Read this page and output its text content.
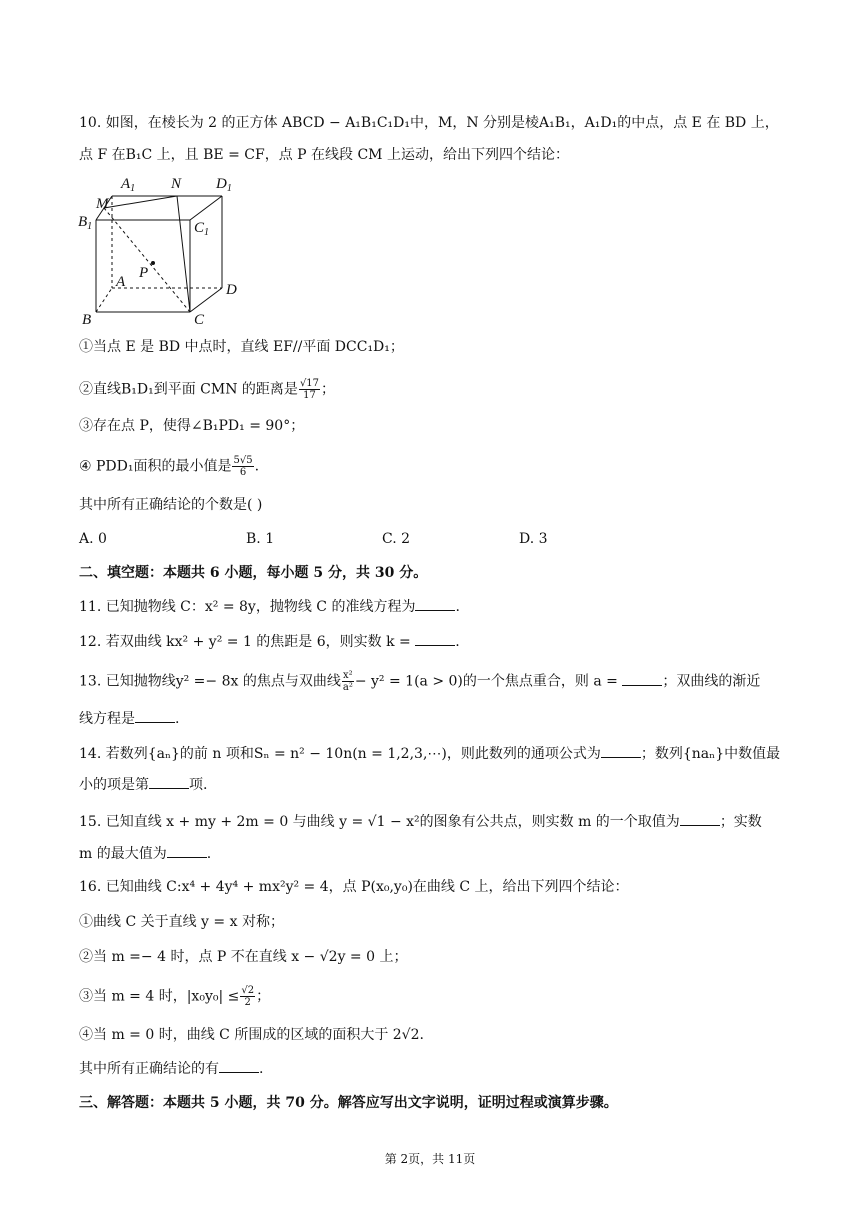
10. 如图，在棱长为 2 的正方体 ABCD − A₁B₁C₁D₁中，M，N 分别是棱A₁B₁，A₁D₁的中点，点 E 在 BD 上，
点 F 在B₁C 上，且 BE = CF，点 P 在线段 CM 上运动，给出下列四个结论：
$A_1$ N $D_1$
M
$B_1$	$C_1$
A
P
D
B	C
①当点 E 是 BD 中点时，直线 EF//平面 DCC₁D₁；
②直线B₁D₁到平面 CMN 的距离是 $\frac{√17}{17}$ ；
③存在点 P，使得∠B₁PD₁ = 90°；
④ PDD₁面积的最小值是 $\frac{5√5}{6}$ .
其中所有正确结论的个数是( )
A. 0	B. 1	C. 2	D. 3
二、填空题：本题共 6 小题，每小题 5 分，共 30 分。
11. 已知抛物线 C：x² = 8y，抛物线 C 的准线方程为	.
12. 若双曲线 kx² + y² = 1 的焦距是 6，则实数 k =	.
13. 已知抛物线y² =− 8x 的焦点与双曲线 $\frac{\text{x²}}{\text{a²}} - y^2 = 1(a > 0)$的一个焦点重合，则 a =	；双曲线的渐近
线方程是	.
14. 若数列{aₙ}的前 n 项和Sₙ = n² − 10n(n = 1,2,3,⋯)，则此数列的通项公式为	；数列{naₙ}中数值最
小的项是第	项.
15. 已知直线 x + my + 2m = 0 与曲线 y = √1 − x²的图象有公共点，则实数 m 的一个取值为	；实数
m 的最大值为	.
16. 已知曲线 C:x⁴ + 4y⁴ + mx²y² = 4，点 P(x₀,y₀)在曲线 C 上，给出下列四个结论：
①曲线 C 关于直线 y = x 对称；
②当 m =− 4 时，点 P 不在直线 x − √2y = 0 上；
③当 m = 4 时，$|x_0y_0| \le \frac{√2}{2}$ ；
④当 m = 0 时，曲线 C 所围成的区域的面积大于 2√2.
其中所有正确结论的有	.
三、解答题：本题共 5 小题，共 70 分。解答应写出文字说明，证明过程或演算步骤。
第 2页，共 11页
